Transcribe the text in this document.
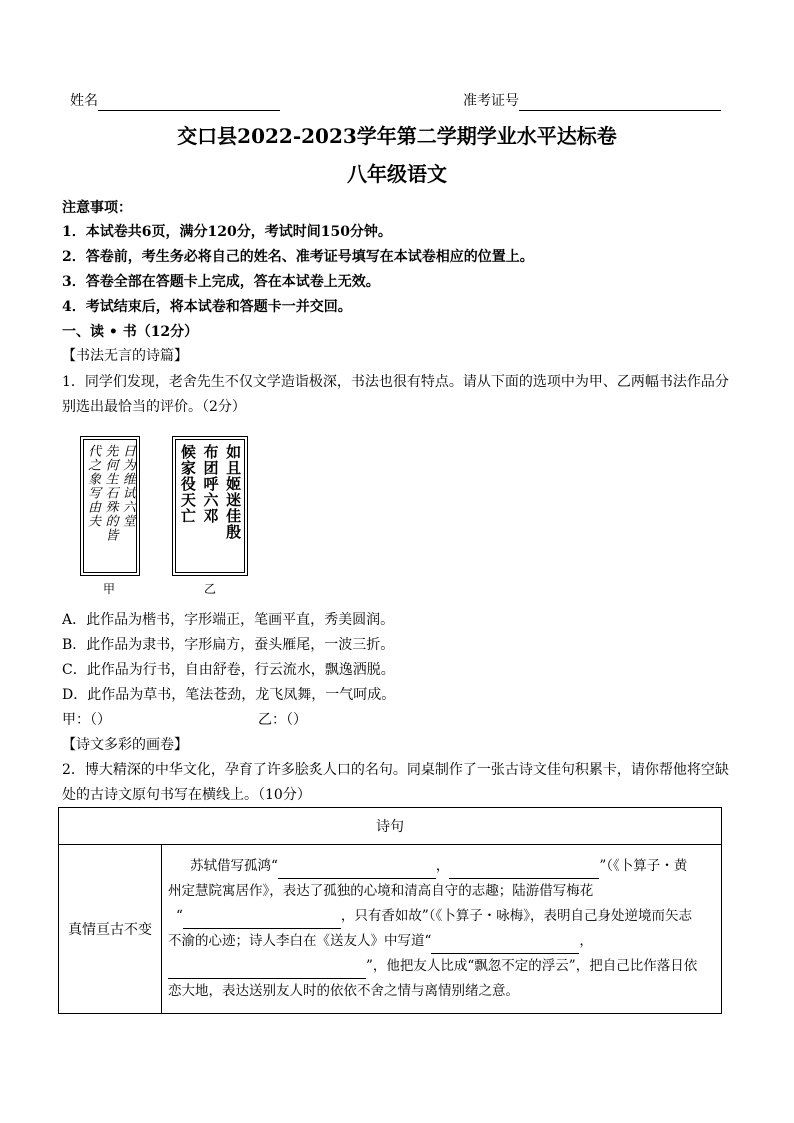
姓名	准考证号
交口县2022-2023学年第二学期学业水平达标卷
八年级语文
注意事项：
1．本试卷共6页，满分120分，考试时间150分钟。
2．答卷前，考生务必将自己的姓名、准考证号填写在本试卷相应的位置上。
3．答卷全部在答题卡上完成，答在本试卷上无效。
4．考试结束后，将本试卷和答题卡一并交回。
一、读 • 书（12分）
【书法无言的诗篇】
1．同学们发现，老舍先生不仅文学造诣极深，书法也很有特点。请从下面的选项中为甲、乙两幅书法作品分
别选出最恰当的评价。（2分）
日为维试六堂
先何生石殊的皆
代之象写由夫
甲
如且姬迷佳殷
布团呼六邓
候家役天亡
乙
A．此作品为楷书，字形端正，笔画平直，秀美圆润。
B．此作品为隶书，字形扁方，蚕头雁尾，一波三折。
C．此作品为行书，自由舒卷，行云流水，飘逸洒脱。
D．此作品为草书，笔法苍劲，龙飞凤舞，一气呵成。
甲：（）	乙：（）
【诗文多彩的画卷】
2．博大精深的中华文化，孕育了许多脍炙人口的名句。同桌制作了一张古诗文佳句积累卡，请你帮他将空缺
处的古诗文原句书写在横线上。（10分）
诗句
真情亘古不变	
苏轼借写孤鸿“	，	”（《卜算子・黄
州定慧院寓居作》，表达了孤独的心境和清高自守的志趣；陆游借写梅花
“	，只有香如故”（《卜算子・咏梅》，表明自己身处逆境而矢志
不渝的心迹；诗人李白在《送友人》中写道“	，
”，他把友人比成“飘忽不定的浮云”，把自己比作落日依
恋大地，表达送别友人时的依依不舍之情与离情别绪之意。
